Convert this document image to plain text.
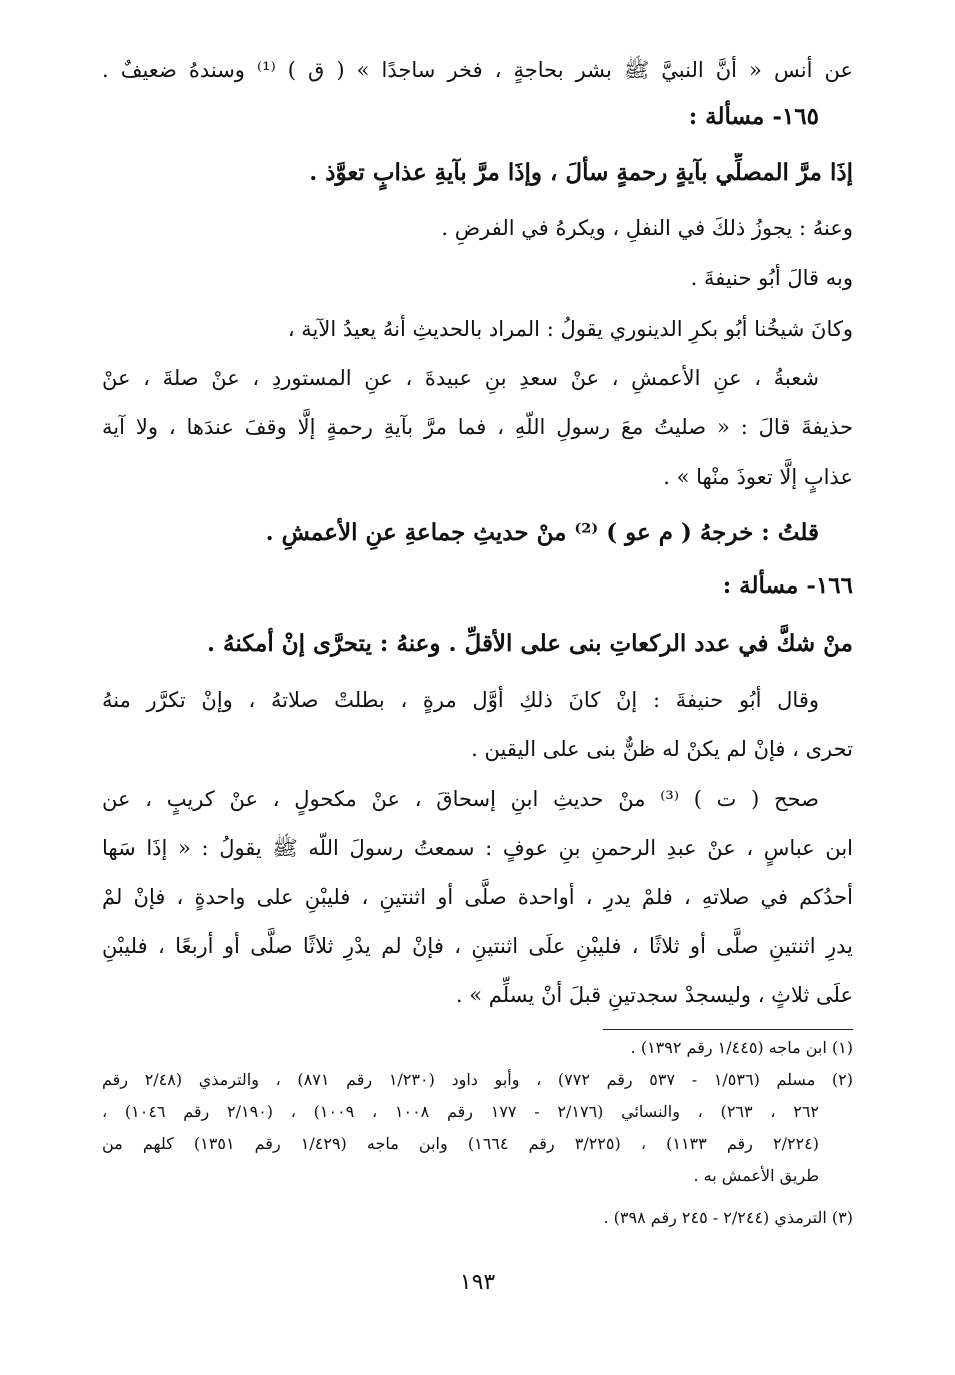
عن أنس « أنَّ النبيَّ ﷺ بشر بحاجةٍ ، فخر ساجدًا » ( ق ) ⁽¹⁾ وسندهُ ضعيفٌ .
١٦٥- مسألة :
إذَا مرَّ المصلِّي بآيةٍ رحمةٍ سألَ ، وإذَا مرَّ بآيةِ عذابٍ تعوَّذ .
وعنهُ : يجوزُ ذلكَ في النفلِ ، ويكرهُ في الفرضِ .
وبه قالَ أبُو حنيفةَ .
وكانَ شيخُنا أبُو بكرِ الدينوري يقولُ : المراد بالحديثِ أنهُ يعيدُ الآية ،
شعبةُ ، عنِ الأعمشِ ، عنْ سعدِ بنِ عبيدةَ ، عنِ المستوردِ ، عنْ صلةَ ، عنْ
حذيفةَ قالَ : « صليتُ معَ رسولِ اللّهِ ، فما مرَّ بآيةِ رحمةٍ إلَّا وقفَ عندَها ، ولا آية
عذابٍ إلَّا تعوذَ منْها » .
قلتُ : خرجهُ ( م عو ) ⁽²⁾ منْ حديثِ جماعةِ عنِ الأعمشِ .
١٦٦- مسألة :
منْ شكَّ في عدد الركعاتِ بنى على الأقلِّ . وعنهُ : يتحرَّى إنْ أمكنهُ .
وقال أبُو حنيفةَ : إنْ كانَ ذلكِ أوَّل مرةٍ ، بطلتْ صلاتهُ ، وإنْ تكرَّر منهُ
تحرى ، فإنْ لم يكنْ له ظنٌّ بنى على اليقين .
صحح ( ت ) ⁽³⁾ منْ حديثِ ابنِ إسحاقَ ، عنْ مكحولٍ ، عنْ كريبٍ ، عن
ابن عباسٍ ، عنْ عبدِ الرحمنِ بنِ عوفٍ : سمعتُ رسولَ اللّه ﷺ يقولُ : « إذَا سَها
أحدُكم في صلاتهِ ، فلمْ يدرِ ، أواحدة صلَّى أو اثنتينِ ، فليبْنِ على واحدةٍ ، فإنْ لمْ
يدرِ اثنتينِ صلَّى أو ثلاثًا ، فليبْنِ علَى اثنتينِ ، فإنْ لم يدْرِ ثلاثًا صلَّى أو أربعًا ، فليبْنِ
علَى ثلاثٍ ، وليسجدْ سجدتينِ قبلَ أنْ يسلِّم » .
(١) ابن ماجه (١/٤٤٥ رقم ١٣٩٢) .
(٢) مسلم (١/٥٣٦ - ٥٣٧ رقم ٧٧٢) ، وأبو داود (١/٢٣٠ رقم ٨٧١) ، والترمذي (٢/٤٨ رقم
٢٦٢ ، ٢٦٣) ، والنسائي (٢/١٧٦ - ١٧٧ رقم ١٠٠٨ ، ١٠٠٩) ، (٢/١٩٠ رقم ١٠٤٦) ،
(٢/٢٢٤ رقم ١١٣٣) ، (٣/٢٢٥ رقم ١٦٦٤) وابن ماجه (١/٤٢٩ رقم ١٣٥١) كلهم من
طريق الأعمش به .
(٣) الترمذي (٢/٢٤٤ - ٢٤٥ رقم ٣٩٨) .
١٩٣
